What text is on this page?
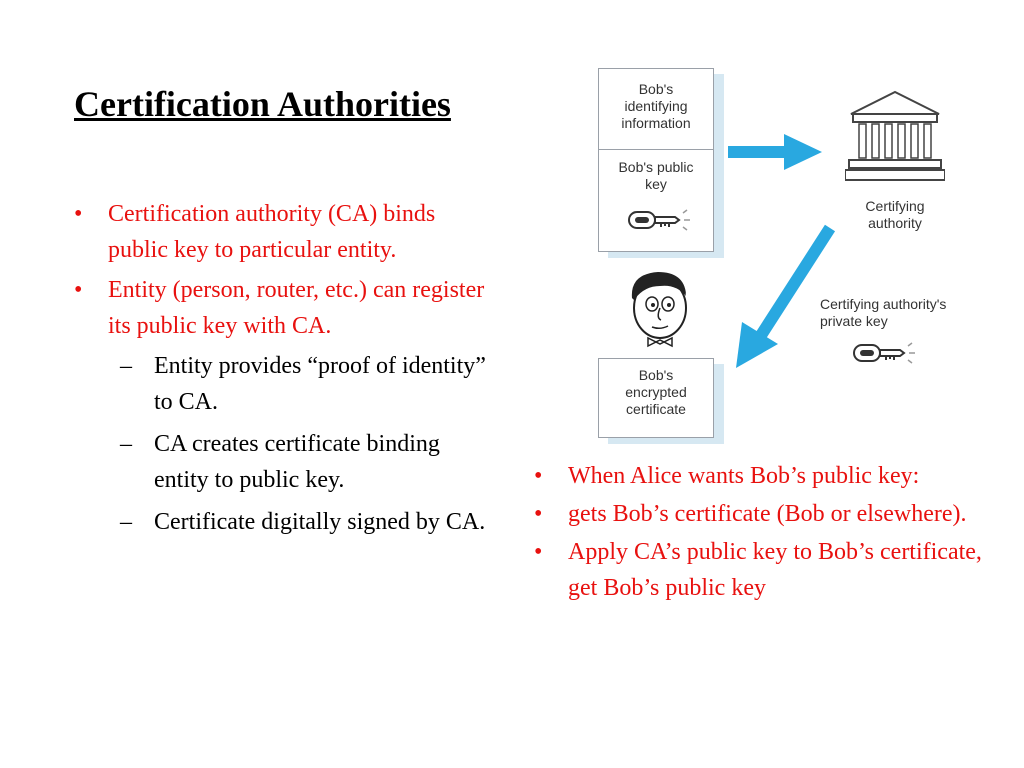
Certification Authorities
• Certification authority (CA) binds public key to particular entity.
• Entity (person, router, etc.) can register its public key with CA.
– Entity provides “proof of identity” to CA.
– CA creates certificate binding entity to public key.
– Certificate digitally signed by CA.
Bob's
identifying
information
Bob's public
key
Certifying
authority
Certifying authority's
private key
Bob's
encrypted
certificate
• When Alice wants Bob’s public key:
• gets Bob’s certificate (Bob or elsewhere).
• Apply CA’s public key to Bob’s certificate, get Bob’s public key
